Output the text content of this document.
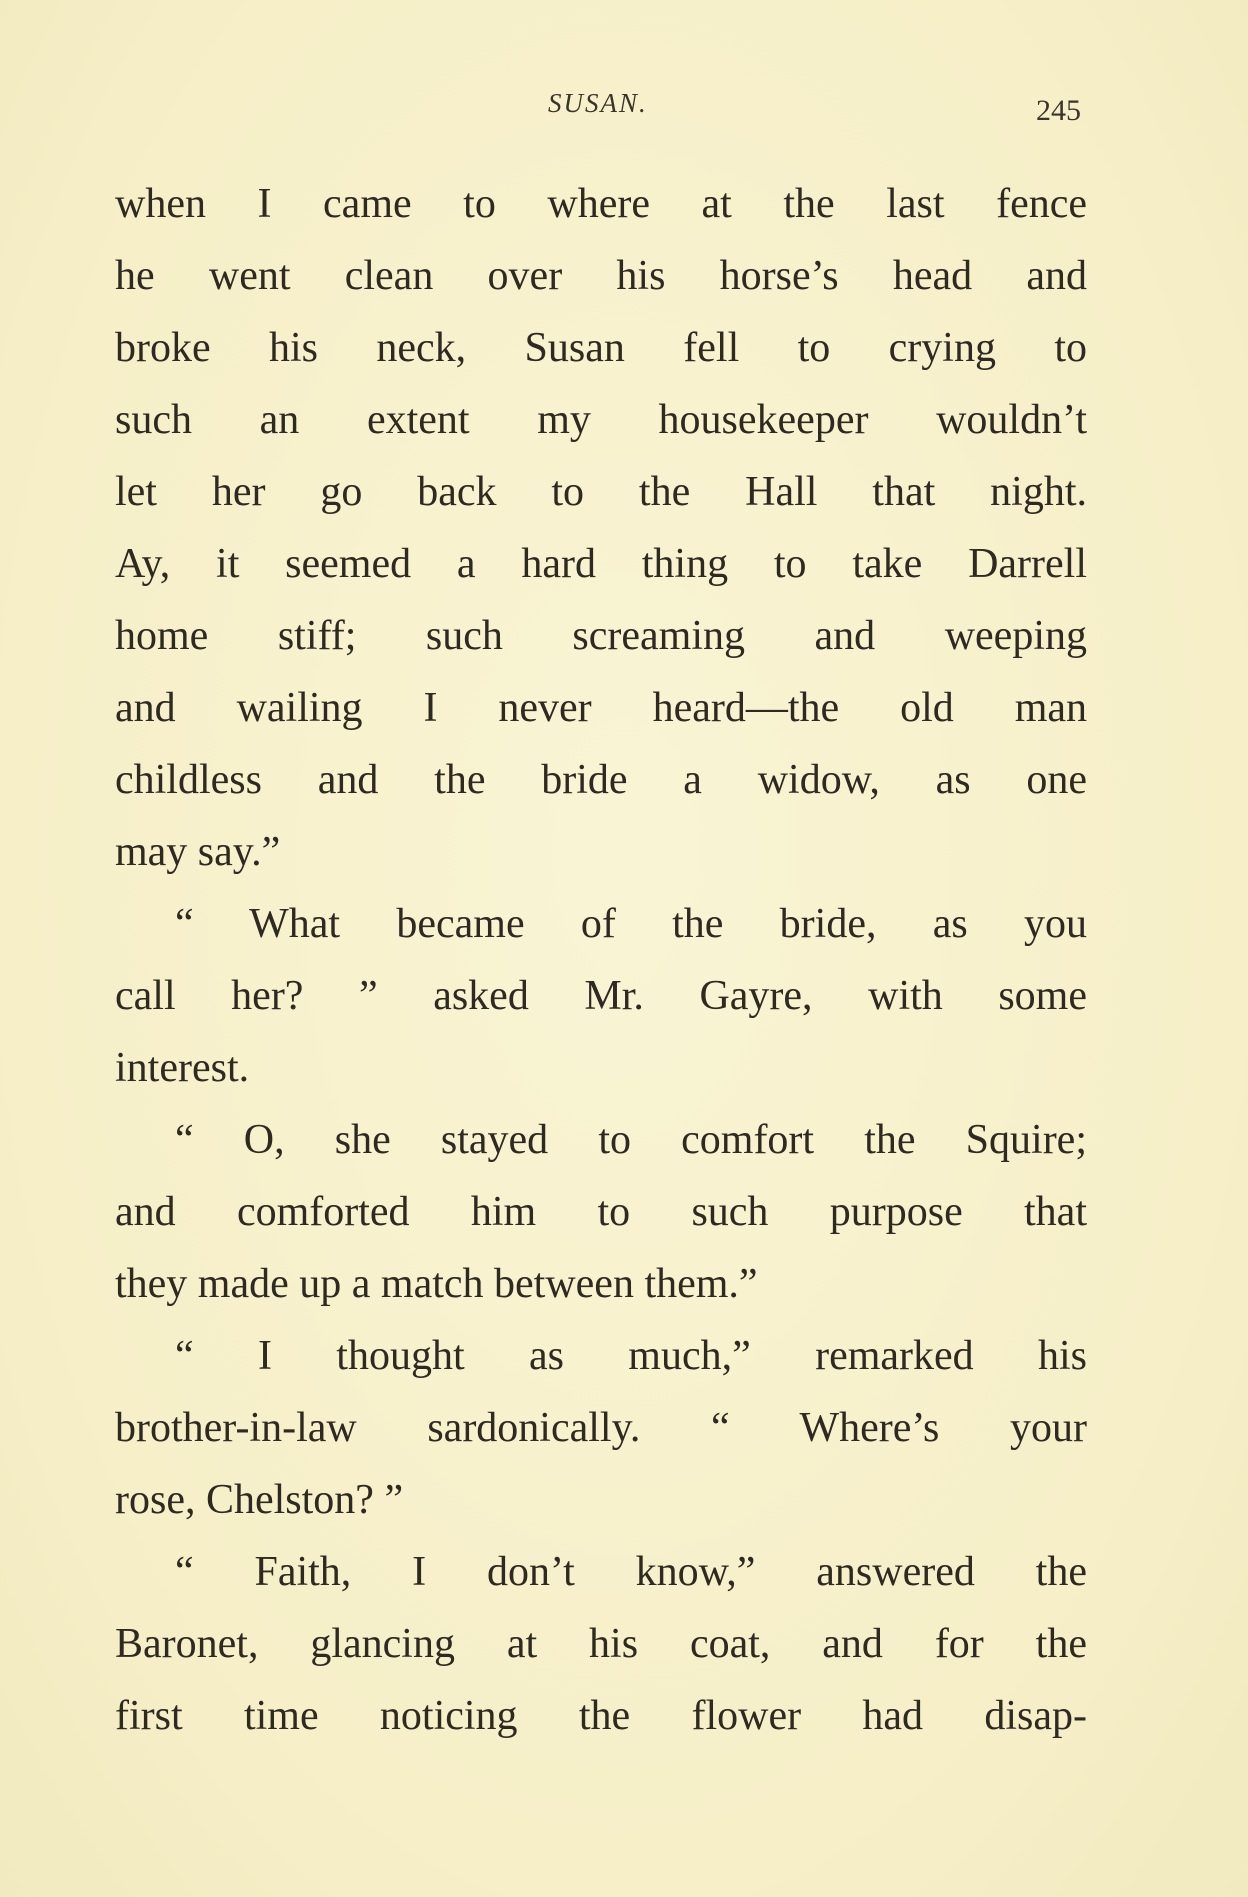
SUSAN.	245
when I came to where at the last fence
he went clean over his horse’s head and
broke his neck, Susan fell to crying to
such an extent my housekeeper wouldn’t
let her go back to the Hall that night.
Ay, it seemed a hard thing to take Darrell
home stiff; such screaming and weeping
and wailing I never heard—the old man
childless and the bride a widow, as one
may say.”
“ What became of the bride, as you
call her? ” asked Mr. Gayre, with some
interest.
“ O, she stayed to comfort the Squire;
and comforted him to such purpose that
they made up a match between them.”
“ I thought as much,” remarked his
brother-in-law sardonically. “ Where’s your
rose, Chelston? ”
“ Faith, I don’t know,” answered the
Baronet, glancing at his coat, and for the
first time noticing the flower had disap-
